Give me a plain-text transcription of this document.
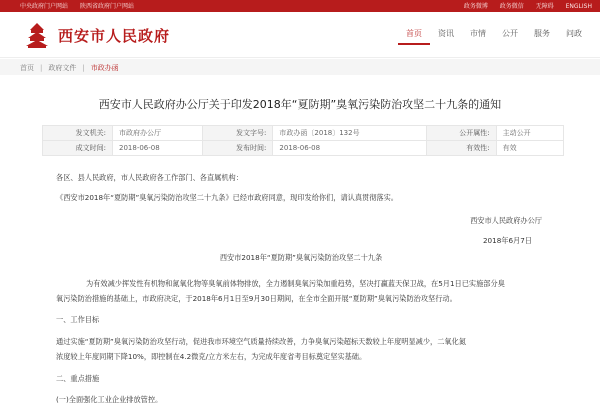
中央政府门户网站 陕西省政府门户网站	政务微博 政务微信 无障碍 ENGLISH
西安市人民政府	首页	资讯	市情	公开	服务	问政
首页 | 政府文件 | 市政办函
西安市人民政府办公厅关于印发2018年“夏防期”臭氧污染防治攻坚二十九条的通知
发文机关:	市政府办公厅	发文字号:	市政办函〔2018〕132号	公开属性:	主动公开
成文时间:	2018-06-08	发布时间:	2018-06-08	有效性:	有效
各区、县人民政府，市人民政府各工作部门、各直属机构：
《西安市2018年“夏防期”臭氧污染防治攻坚二十九条》已经市政府同意，现印发给你们，请认真贯彻落实。
西安市人民政府办公厅
2018年6月7日
西安市2018年“夏防期”臭氧污染防治攻坚二十九条
为有效减少挥发性有机物和氮氧化物等臭氧前体物排放，全力遏制臭氧污染加重趋势，坚决打赢蓝天保卫战，在5月1日已实施部分臭
氧污染防治措施的基础上，市政府决定，于2018年6月1日至9月30日期间，在全市全面开展“夏防期”臭氧污染防治攻坚行动。
一、工作目标
通过实施“夏防期”臭氧污染防治攻坚行动，促进我市环境空气质量持续改善，力争臭氧污染超标天数较上年度明显减少，二氧化氮
浓度较上年度同期下降10%，即控制在4.2微克/立方米左右，为完成年度省考目标奠定坚实基础。
二、重点措施
(一)全面强化工业企业排放管控。
